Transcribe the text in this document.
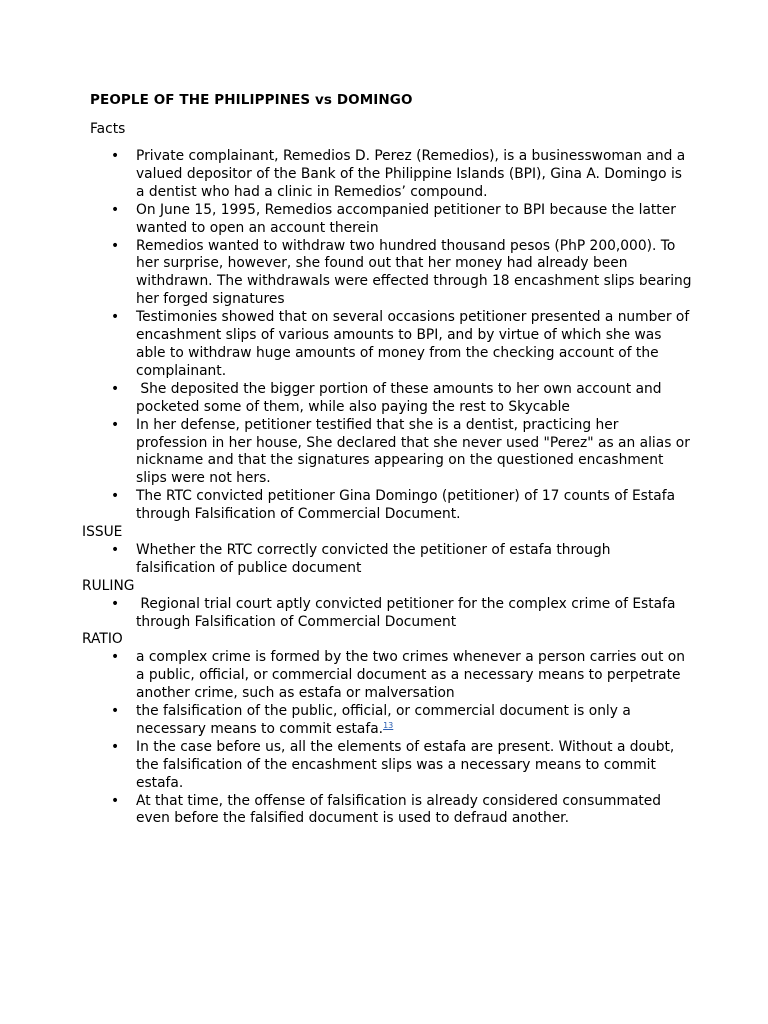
PEOPLE OF THE PHILIPPINES vs DOMINGO
Facts
• Private complainant, Remedios D. Perez (Remedios), is a businesswoman and a valued depositor of the Bank of the Philippine Islands (BPI), Gina A. Domingo is a dentist who had a clinic in Remedios’ compound.
• On June 15, 1995, Remedios accompanied petitioner to BPI because the latter wanted to open an account therein
• Remedios wanted to withdraw two hundred thousand pesos (PhP 200,000). To her surprise, however, she found out that her money had already been withdrawn. The withdrawals were effected through 18 encashment slips bearing her forged signatures
• Testimonies showed that on several occasions petitioner presented a number of encashment slips of various amounts to BPI, and by virtue of which she was able to withdraw huge amounts of money from the checking account of the complainant.
• She deposited the bigger portion of these amounts to her own account and pocketed some of them, while also paying the rest to Skycable
• In her defense, petitioner testified that she is a dentist, practicing her profession in her house, She declared that she never used "Perez" as an alias or nickname and that the signatures appearing on the questioned encashment slips were not hers.
• The RTC convicted petitioner Gina Domingo (petitioner) of 17 counts of Estafa through Falsification of Commercial Document.
ISSUE
• Whether the RTC correctly convicted the petitioner of estafa through falsification of publice document
RULING
• Regional trial court aptly convicted petitioner for the complex crime of Estafa through Falsification of Commercial Document
RATIO
• a complex crime is formed by the two crimes whenever a person carries out on a public, official, or commercial document as a necessary means to perpetrate another crime, such as estafa or malversation
• the falsification of the public, official, or commercial document is only a necessary means to commit estafa.$^{13}$
• In the case before us, all the elements of estafa are present. Without a doubt, the falsification of the encashment slips was a necessary means to commit estafa.
• At that time, the offense of falsification is already considered consummated even before the falsified document is used to defraud another.
